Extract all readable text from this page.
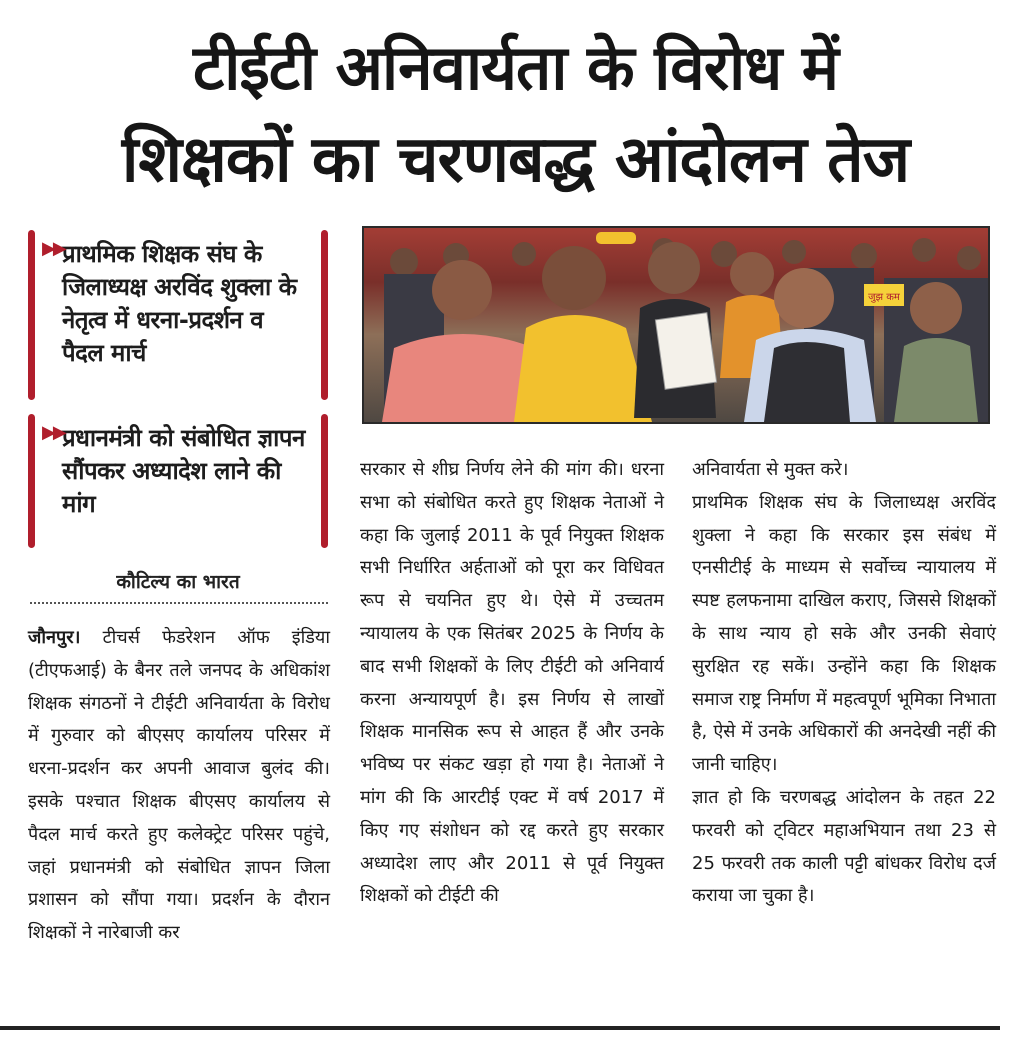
टीईटी अनिवार्यता के विरोध में
शिक्षकों का चरणबद्ध आंदोलन तेज
▶▶
प्राथमिक शिक्षक संघ के जिलाध्यक्ष अरविंद शुक्ला के नेतृत्व में धरना-प्रदर्शन व पैदल मार्च
▶▶
प्रधानमंत्री को संबोधित ज्ञापन सौंपकर अध्यादेश लाने की मांग
कौटिल्य का भारत

जौनपुर। टीचर्स फेडरेशन ऑफ इंडिया (टीएफआई) के बैनर तले जनपद के अधिकांश शिक्षक संगठनों ने टीईटी अनिवार्यता के विरोध में गुरुवार को बीएसए कार्यालय परिसर में धरना-प्रदर्शन कर अपनी आवाज बुलंद की। इसके पश्चात शिक्षक बीएसए कार्यालय से पैदल मार्च करते हुए कलेक्ट्रेट परिसर पहुंचे, जहां प्रधानमंत्री को संबोधित ज्ञापन जिला प्रशासन को सौंपा गया। प्रदर्शन के दौरान शिक्षकों ने नारेबाजी कर

जुझ कम

सरकार से शीघ्र निर्णय लेने की मांग की। धरना सभा को संबोधित करते हुए शिक्षक नेताओं ने कहा कि जुलाई 2011 के पूर्व नियुक्त शिक्षक सभी निर्धारित अर्हताओं को पूरा कर विधिवत रूप से चयनित हुए थे। ऐसे में उच्चतम न्यायालय के एक सितंबर 2025 के निर्णय के बाद सभी शिक्षकों के लिए टीईटी को अनिवार्य करना अन्यायपूर्ण है। इस निर्णय से लाखों शिक्षक मानसिक रूप से आहत हैं और उनके भविष्य पर संकट खड़ा हो गया है। नेताओं ने मांग की कि आरटीई एक्ट में वर्ष 2017 में किए गए संशोधन को रद्द करते हुए सरकार अध्यादेश लाए और 2011 से पूर्व नियुक्त शिक्षकों को टीईटी की

अनिवार्यता से मुक्त करे।

प्राथमिक शिक्षक संघ के जिलाध्यक्ष अरविंद शुक्ला ने कहा कि सरकार इस संबंध में एनसीटीई के माध्यम से सर्वोच्च न्यायालय में स्पष्ट हलफनामा दाखिल कराए, जिससे शिक्षकों के साथ न्याय हो सके और उनकी सेवाएं सुरक्षित रह सकें। उन्होंने कहा कि शिक्षक समाज राष्ट्र निर्माण में महत्वपूर्ण भूमिका निभाता है, ऐसे में उनके अधिकारों की अनदेखी नहीं की जानी चाहिए।

ज्ञात हो कि चरणबद्ध आंदोलन के तहत 22 फरवरी को ट्विटर महाअभियान तथा 23 से 25 फरवरी तक काली पट्टी बांधकर विरोध दर्ज कराया जा चुका है।
